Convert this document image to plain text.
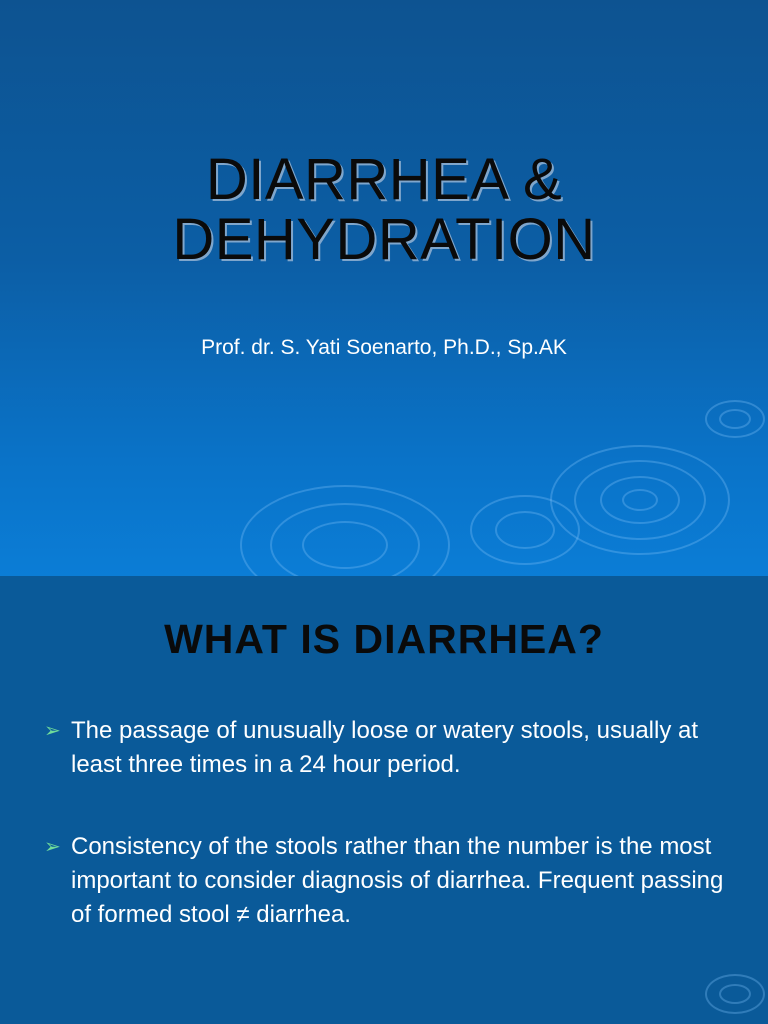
DIARRHEA &
DEHYDRATION
Prof. dr. S. Yati Soenarto, Ph.D., Sp.AK
WHAT IS DIARRHEA?
➢ The passage of unusually loose or watery stools, usually at least three times in a 24 hour period.
➢ Consistency of the stools rather than the number is the most important to consider diagnosis of diarrhea. Frequent passing of formed stool ≠ diarrhea.
